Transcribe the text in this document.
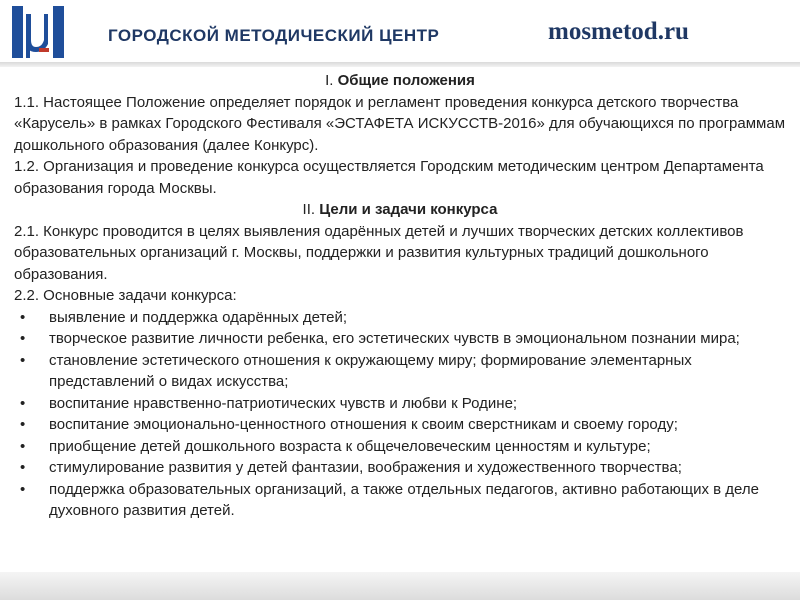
ГОРОДСКОЙ МЕТОДИЧЕСКИЙ ЦЕНТР	mosmetod.ru

I. Общие положения

1.1. Настоящее Положение определяет порядок и регламент проведения конкурса детского творчества «Карусель» в рамках Городского Фестиваля «ЭСТАФЕТА ИСКУССТВ-2016» для обучающихся по программам дошкольного образования (далее Конкурс).

1.2. Организация и проведение конкурса осуществляется Городским методическим центром Департамента образования города Москвы.

II. Цели и задачи конкурса

2.1. Конкурс проводится в целях выявления одарённых детей и лучших творческих детских коллективов образовательных организаций г. Москвы, поддержки и развития культурных традиций дошкольного образования.

2.2. Основные задачи конкурса:

• выявление и поддержка одарённых детей;
• творческое развитие личности ребенка, его эстетических чувств в эмоциональном познании мира;
• становление эстетического отношения к окружающему миру; формирование элементарных представлений о видах искусства;
• воспитание нравственно-патриотических чувств и любви к Родине;
• воспитание эмоционально-ценностного отношения к своим сверстникам и своему городу;
• приобщение детей дошкольного возраста к общечеловеческим ценностям и культуре;
• стимулирование развития у детей фантазии, воображения и художественного творчества;
• поддержка образовательных организаций, а также отдельных педагогов, активно работающих в деле духовного развития детей.
